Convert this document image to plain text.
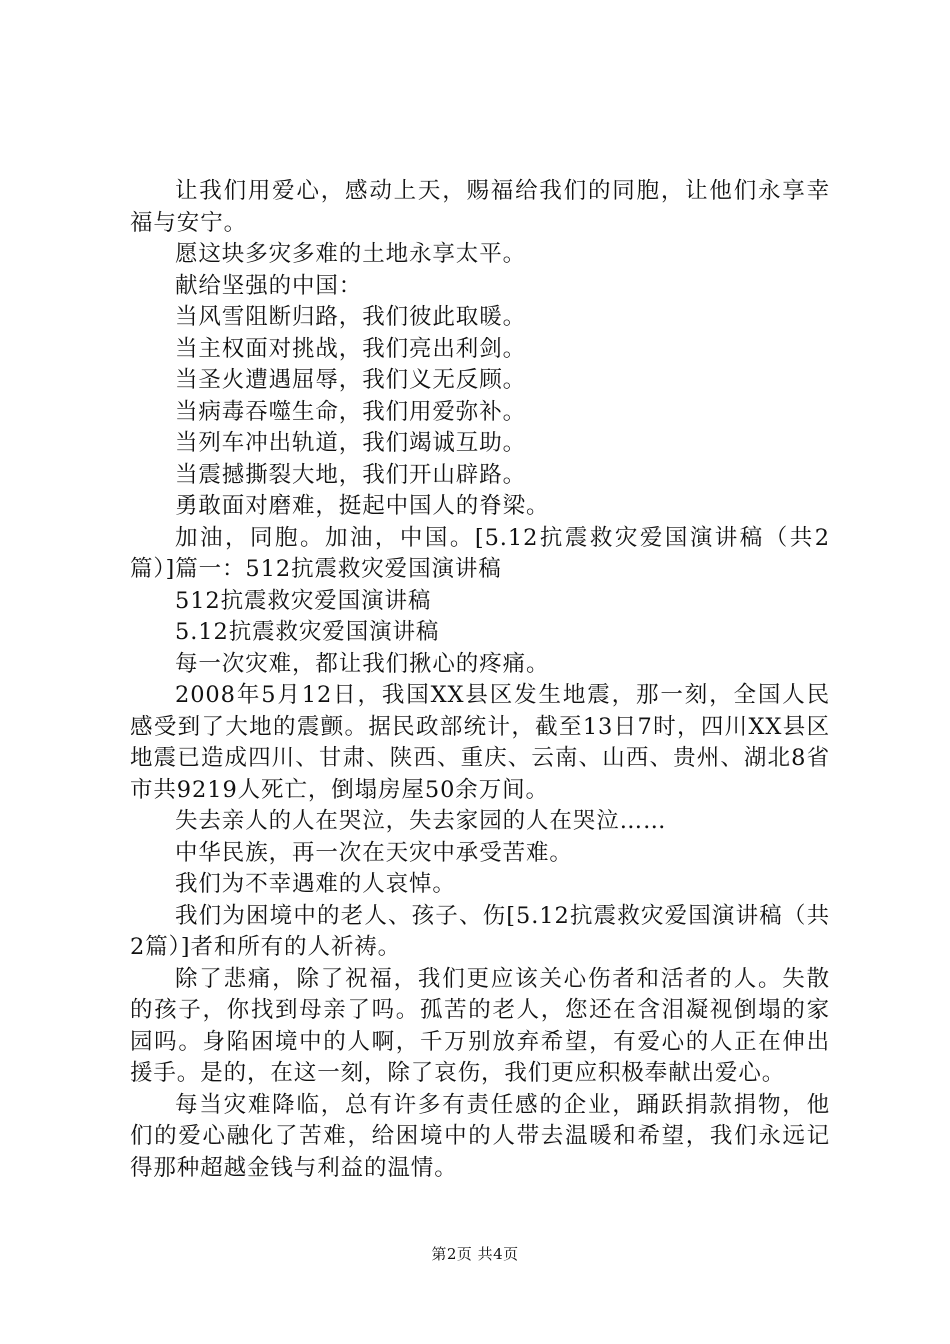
让我们用爱心，感动上天，赐福给我们的同胞，让他们永享幸福与安宁。

愿这块多灾多难的土地永享太平。

献给坚强的中国：

当风雪阻断归路，我们彼此取暖。

当主权面对挑战，我们亮出利剑。

当圣火遭遇屈辱，我们义无反顾。

当病毒吞噬生命，我们用爱弥补。

当列车冲出轨道，我们竭诚互助。

当震撼撕裂大地，我们开山辟路。

勇敢面对磨难，挺起中国人的脊梁。

加油，同胞。加油，中国。[5.12抗震救灾爱国演讲稿（共2篇）]篇一：512抗震救灾爱国演讲稿

512抗震救灾爱国演讲稿

5.12抗震救灾爱国演讲稿

每一次灾难，都让我们揪心的疼痛。

2008年5月12日，我国XX县区发生地震，那一刻，全国人民感受到了大地的震颤。据民政部统计，截至13日7时，四川XX县区地震已造成四川、甘肃、陕西、重庆、云南、山西、贵州、湖北8省市共9219人死亡，倒塌房屋50余万间。

失去亲人的人在哭泣，失去家园的人在哭泣……

中华民族，再一次在天灾中承受苦难。

我们为不幸遇难的人哀悼。

我们为困境中的老人、孩子、伤[5.12抗震救灾爱国演讲稿（共2篇）]者和所有的人祈祷。

除了悲痛，除了祝福，我们更应该关心伤者和活者的人。失散的孩子，你找到母亲了吗。孤苦的老人，您还在含泪凝视倒塌的家园吗。身陷困境中的人啊，千万别放弃希望，有爱心的人正在伸出援手。是的，在这一刻，除了哀伤，我们更应积极奉献出爱心。

每当灾难降临，总有许多有责任感的企业，踊跃捐款捐物，他们的爱心融化了苦难，给困境中的人带去温暖和希望，我们永远记得那种超越金钱与利益的温情。

第2页 共4页
